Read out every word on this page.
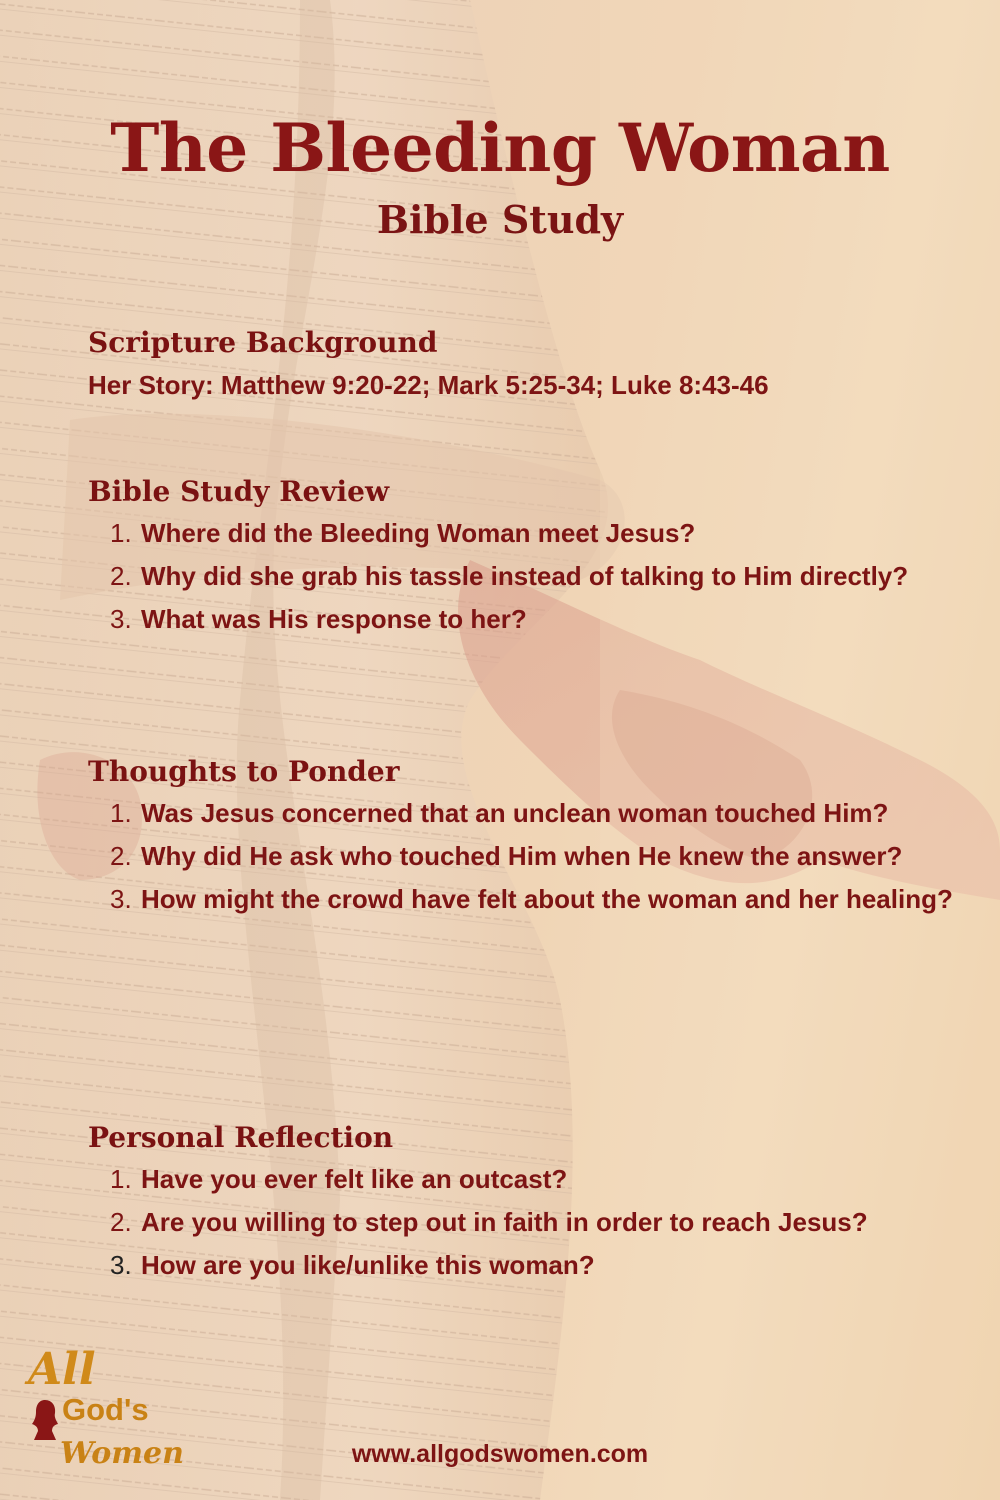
The Bleeding Woman
Bible Study

Scripture Background

Her Story: Matthew 9:20-22; Mark 5:25-34; Luke 8:43-46

Bible Study Review

1. Where did the Bleeding Woman meet Jesus?
2. Why did she grab his tassle instead of talking to Him directly?
3. What was His response to her?

Thoughts to Ponder

1. Was Jesus concerned that an unclean woman touched Him?
2. Why did He ask who touched Him when He knew the answer?
3. How might the crowd have felt about the woman and her healing?

Personal Reflection

1. Have you ever felt like an outcast?
2. Are you willing to step out in faith in order to reach Jesus?
3. How are you like/unlike this woman?
All
God's
Women	www.allgodswomen.com
